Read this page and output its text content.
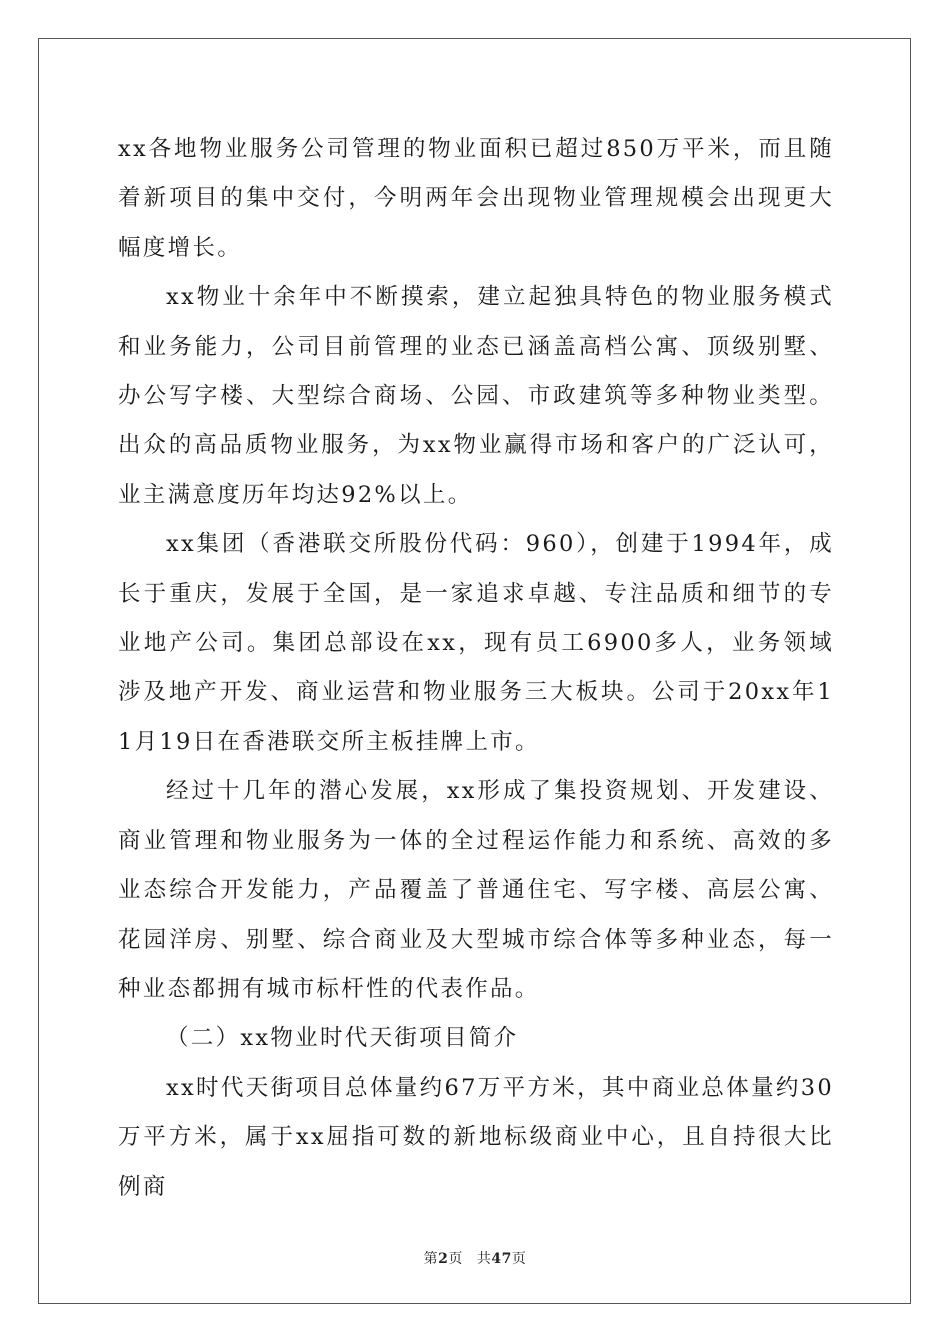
xx各地物业服务公司管理的物业面积已超过850万平米，而且随着新项目的集中交付，今明两年会出现物业管理规模会出现更大幅度增长。

xx物业十余年中不断摸索，建立起独具特色的物业服务模式和业务能力，公司目前管理的业态已涵盖高档公寓、顶级别墅、办公写字楼、大型综合商场、公园、市政建筑等多种物业类型。出众的高品质物业服务，为xx物业赢得市场和客户的广泛认可，业主满意度历年均达92%以上。

xx集团（香港联交所股份代码：960），创建于1994年，成长于重庆，发展于全国，是一家追求卓越、专注品质和细节的专业地产公司。集团总部设在xx，现有员工6900多人，业务领域涉及地产开发、商业运营和物业服务三大板块。公司于20xx年11月19日在香港联交所主板挂牌上市。

经过十几年的潜心发展，xx形成了集投资规划、开发建设、商业管理和物业服务为一体的全过程运作能力和系统、高效的多业态综合开发能力，产品覆盖了普通住宅、写字楼、高层公寓、花园洋房、别墅、综合商业及大型城市综合体等多种业态，每一种业态都拥有城市标杆性的代表作品。

（二）xx物业时代天街项目简介

xx时代天街项目总体量约67万平方米，其中商业总体量约30万平方米，属于xx屈指可数的新地标级商业中心，且自持很大比例商

第2页 共47页
